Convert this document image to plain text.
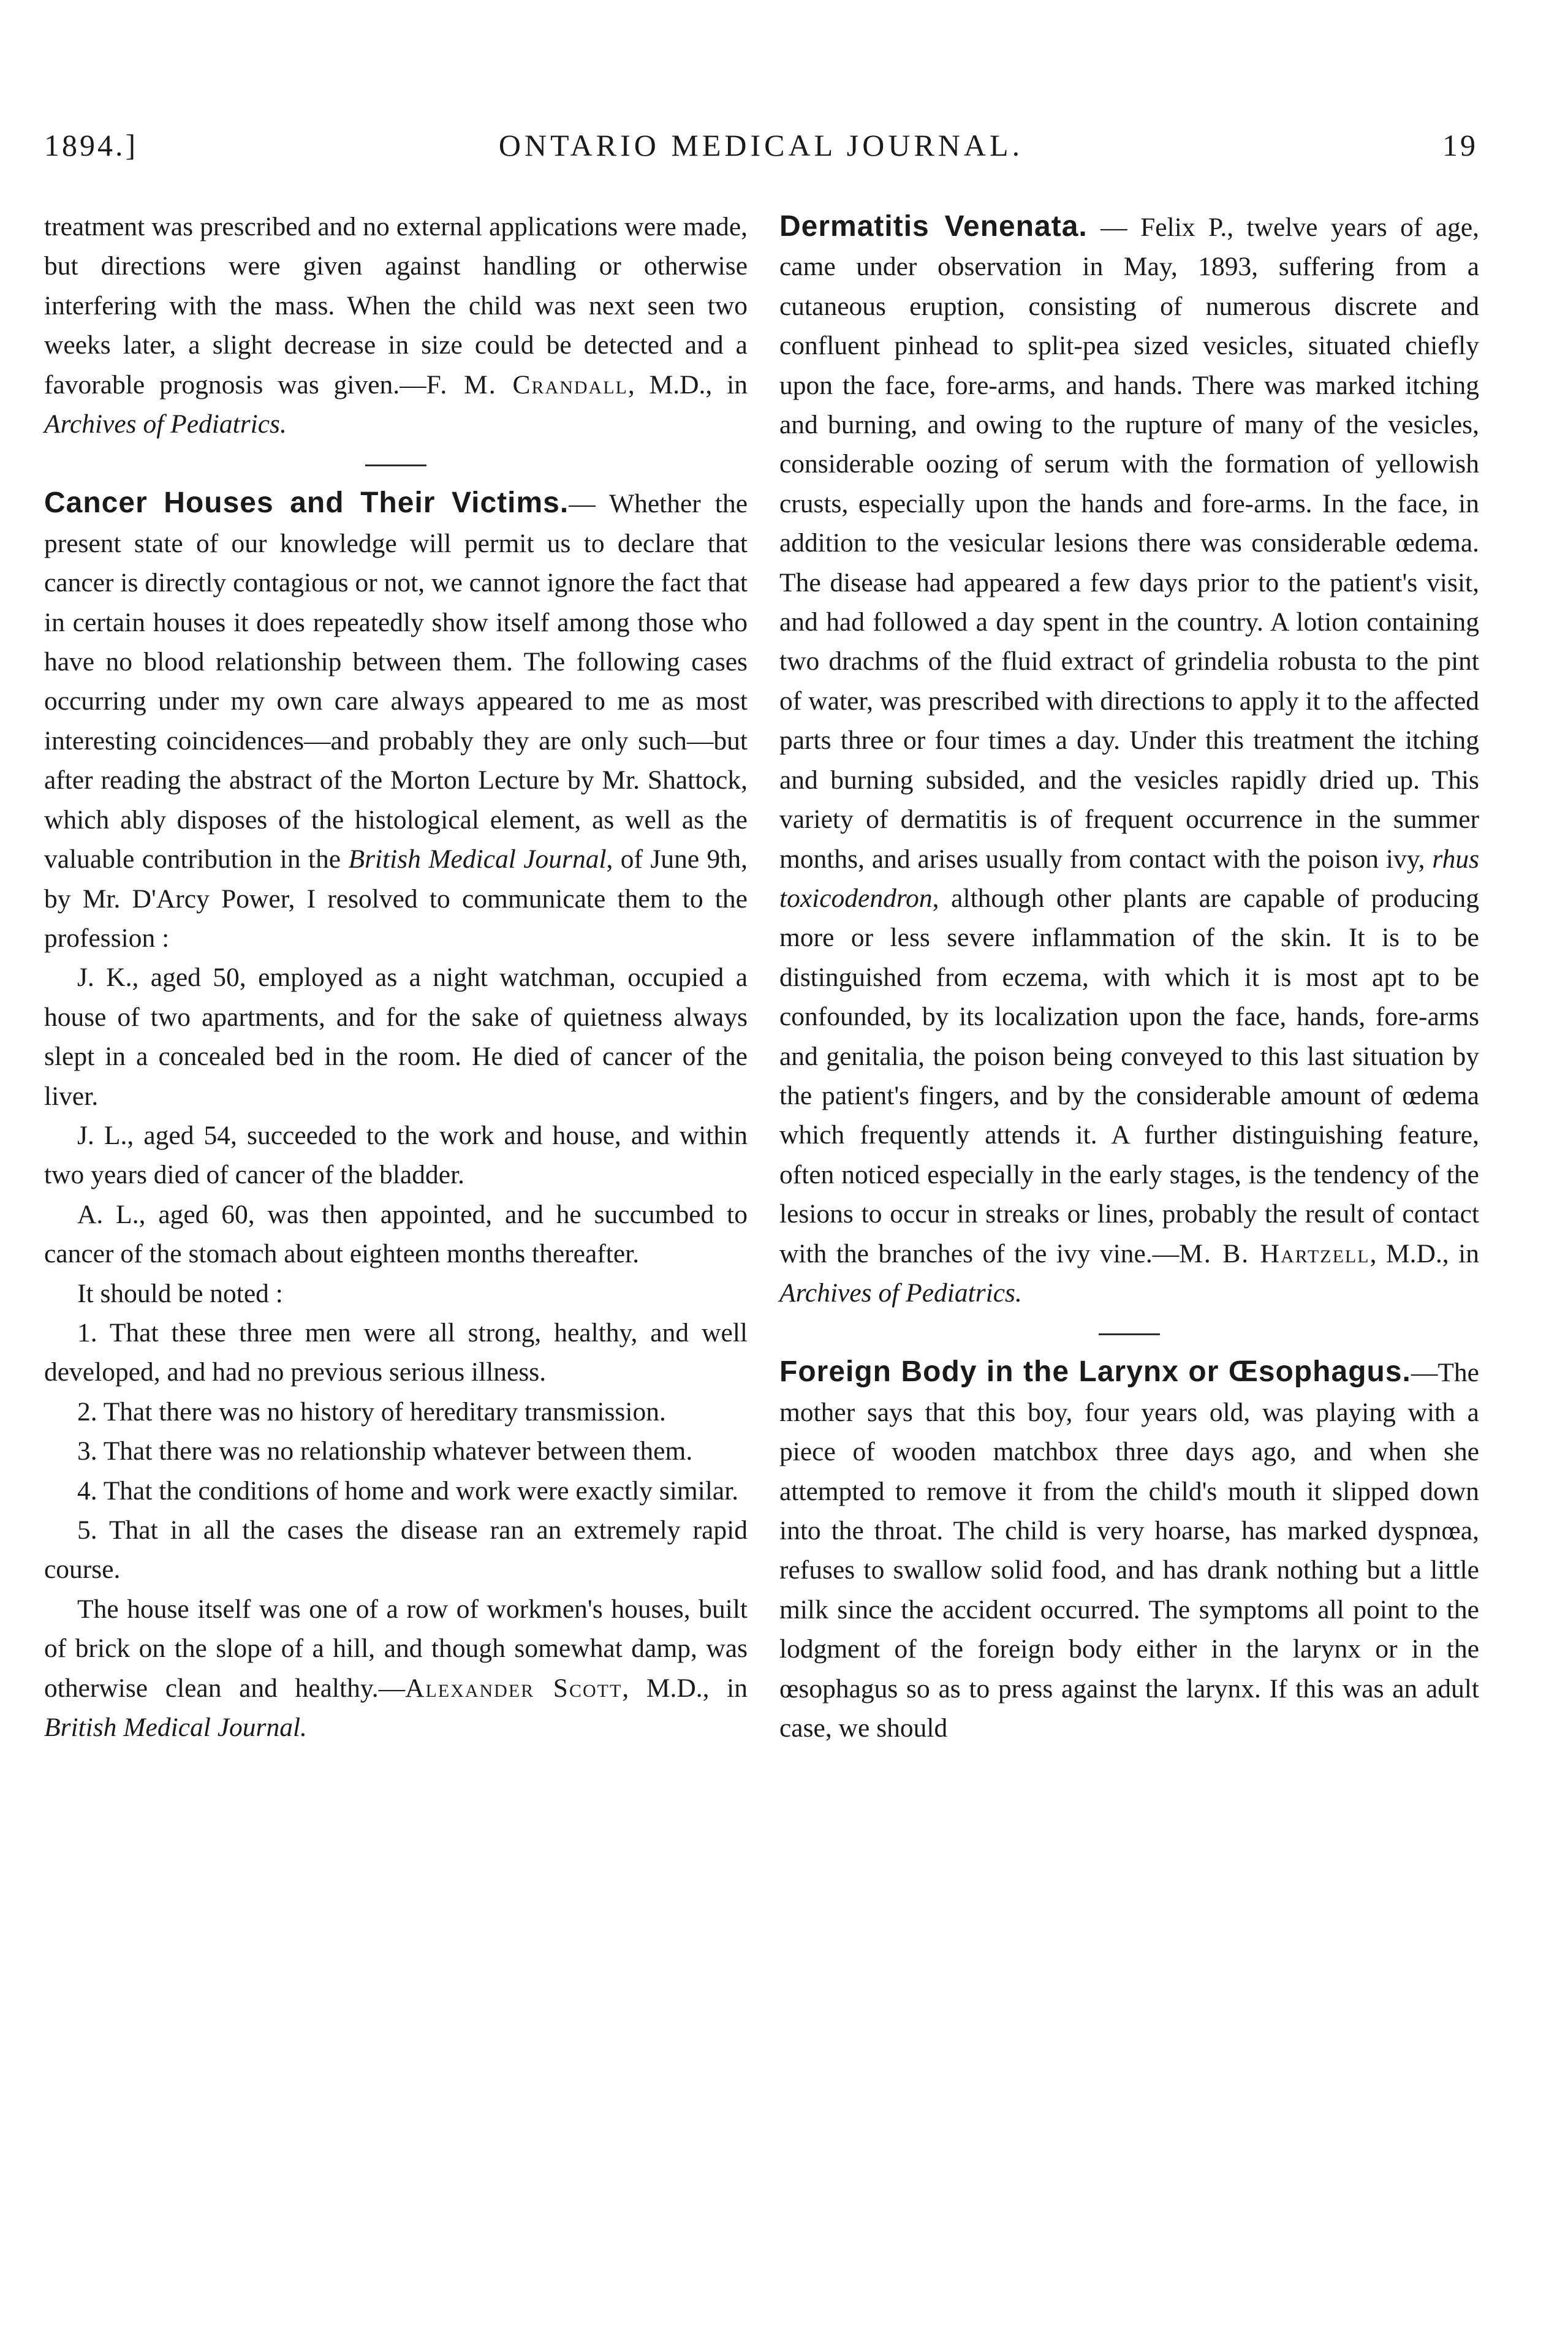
1894.]	ONTARIO MEDICAL JOURNAL.	19

treatment was prescribed and no external applications were made, but directions were given against handling or otherwise interfering with the mass. When the child was next seen two weeks later, a slight decrease in size could be detected and a favorable prognosis was given.—F. M. Crandall, M.D., in Archives of Pediatrics.

Cancer Houses and Their Victims.— Whether the present state of our knowledge will permit us to declare that cancer is directly contagious or not, we cannot ignore the fact that in certain houses it does repeatedly show itself among those who have no blood relationship between them. The following cases occurring under my own care always appeared to me as most interesting coincidences—and probably they are only such—but after reading the abstract of the Morton Lecture by Mr. Shattock, which ably disposes of the histological element, as well as the valuable contribution in the British Medical Journal, of June 9th, by Mr. D'Arcy Power, I resolved to communicate them to the profession :

J. K., aged 50, employed as a night watchman, occupied a house of two apartments, and for the sake of quietness always slept in a concealed bed in the room. He died of cancer of the liver.

J. L., aged 54, succeeded to the work and house, and within two years died of cancer of the bladder.

A. L., aged 60, was then appointed, and he succumbed to cancer of the stomach about eighteen months thereafter.

It should be noted :

1. That these three men were all strong, healthy, and well developed, and had no previous serious illness.

2. That there was no history of hereditary transmission.

3. That there was no relationship whatever between them.

4. That the conditions of home and work were exactly similar.

5. That in all the cases the disease ran an extremely rapid course.

The house itself was one of a row of workmen's houses, built of brick on the slope of a hill, and though somewhat damp, was otherwise clean and healthy.—Alexander Scott, M.D., in British Medical Journal.

Dermatitis Venenata. — Felix P., twelve years of age, came under observation in May, 1893, suffering from a cutaneous eruption, consisting of numerous discrete and confluent pinhead to split-pea sized vesicles, situated chiefly upon the face, fore-arms, and hands. There was marked itching and burning, and owing to the rupture of many of the vesicles, considerable oozing of serum with the formation of yellowish crusts, especially upon the hands and fore-arms. In the face, in addition to the vesicular lesions there was considerable œdema. The disease had appeared a few days prior to the patient's visit, and had followed a day spent in the country. A lotion containing two drachms of the fluid extract of grindelia robusta to the pint of water, was prescribed with directions to apply it to the affected parts three or four times a day. Under this treatment the itching and burning subsided, and the vesicles rapidly dried up. This variety of dermatitis is of frequent occurrence in the summer months, and arises usually from contact with the poison ivy, rhus toxicodendron, although other plants are capable of producing more or less severe inflammation of the skin. It is to be distinguished from eczema, with which it is most apt to be confounded, by its localization upon the face, hands, fore-arms and genitalia, the poison being conveyed to this last situation by the patient's fingers, and by the considerable amount of œdema which frequently attends it. A further distinguishing feature, often noticed especially in the early stages, is the tendency of the lesions to occur in streaks or lines, probably the result of contact with the branches of the ivy vine.—M. B. Hartzell, M.D., in Archives of Pediatrics.

Foreign Body in the Larynx or Œsophagus.—The mother says that this boy, four years old, was playing with a piece of wooden matchbox three days ago, and when she attempted to remove it from the child's mouth it slipped down into the throat. The child is very hoarse, has marked dyspnœa, refuses to swallow solid food, and has drank nothing but a little milk since the accident occurred. The symptoms all point to the lodgment of the foreign body either in the larynx or in the œsophagus so as to press against the larynx. If this was an adult case, we should
